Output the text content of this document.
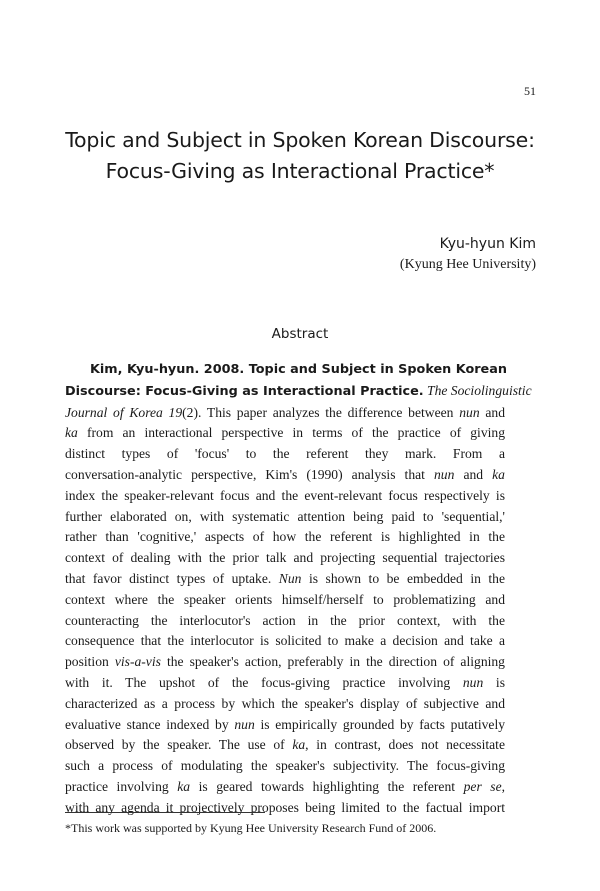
51
Topic and Subject in Spoken Korean Discourse:
Focus-Giving as Interactional Practice*
Kyu-hyun Kim
(Kyung Hee University)
Abstract
Kim, Kyu-hyun. 2008. Topic and Subject in Spoken Korean
Discourse: Focus-Giving as Interactional Practice. The Sociolinguistic
Journal of Korea 19(2). This paper analyzes the difference between nun and
ka from an interactional perspective in terms of the practice of giving
distinct types of 'focus' to the referent they mark. From a
conversation-analytic perspective, Kim's (1990) analysis that nun and ka
index the speaker-relevant focus and the event-relevant focus respectively is
further elaborated on, with systematic attention being paid to 'sequential,'
rather than 'cognitive,' aspects of how the referent is highlighted in the
context of dealing with the prior talk and projecting sequential trajectories
that favor distinct types of uptake. Nun is shown to be embedded in the
context where the speaker orients himself/herself to problematizing and
counteracting the interlocutor's action in the prior context, with the
consequence that the interlocutor is solicited to make a decision and take a
position vis-a-vis the speaker's action, preferably in the direction of aligning
with it. The upshot of the focus-giving practice involving nun is
characterized as a process by which the speaker's display of subjective and
evaluative stance indexed by nun is empirically grounded by facts putatively
observed by the speaker. The use of ka, in contrast, does not necessitate
such a process of modulating the speaker's subjectivity. The focus-giving
practice involving ka is geared towards highlighting the referent per se,
with any agenda it projectively proposes being limited to the factual import
*This work was supported by Kyung Hee University Research Fund of 2006.
